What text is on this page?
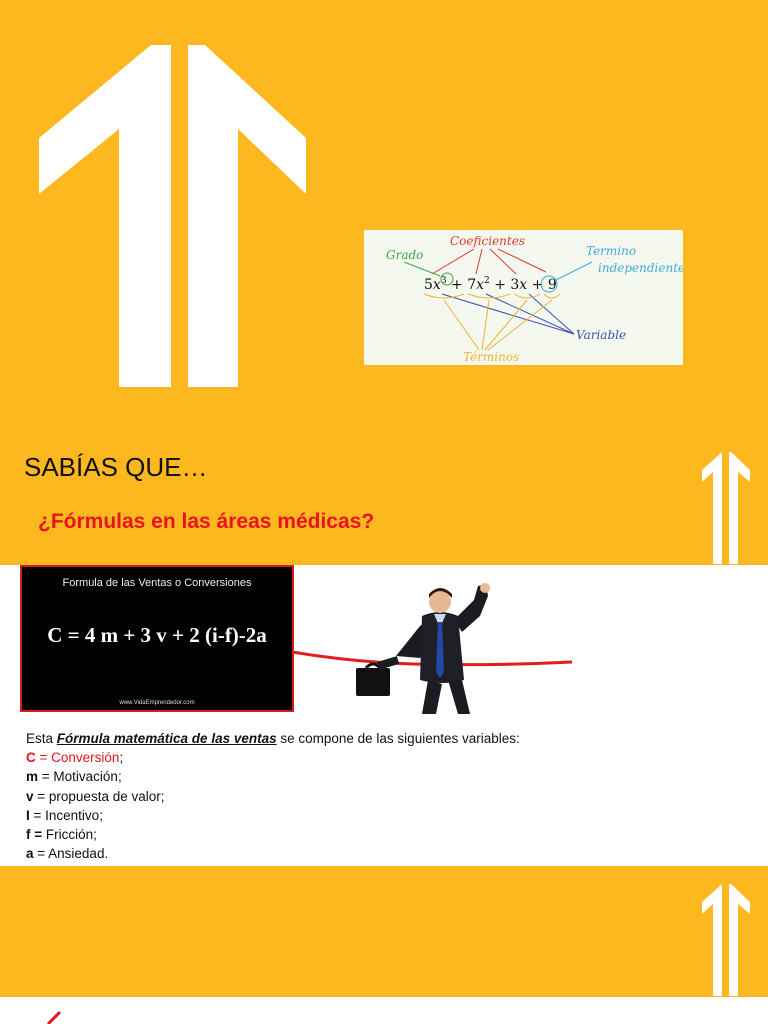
Grado
Coeficientes
Termino
independiente
Variable
Términos
$5x^3 + 7x^2 + 3x + 9$
SABÍAS QUE…
¿Fórmulas en las áreas médicas?
Formula de las Ventas o Conversiones
C = 4 m + 3 v + 2 (i-f)-2a
www.VidaEmprendedor.com

Esta Fórmula matemática de las ventas se compone de las siguientes variables:

C = Conversión;

m = Motivación;

v = propuesta de valor;

I = Incentivo;

f = Fricción;

a = Ansiedad.
